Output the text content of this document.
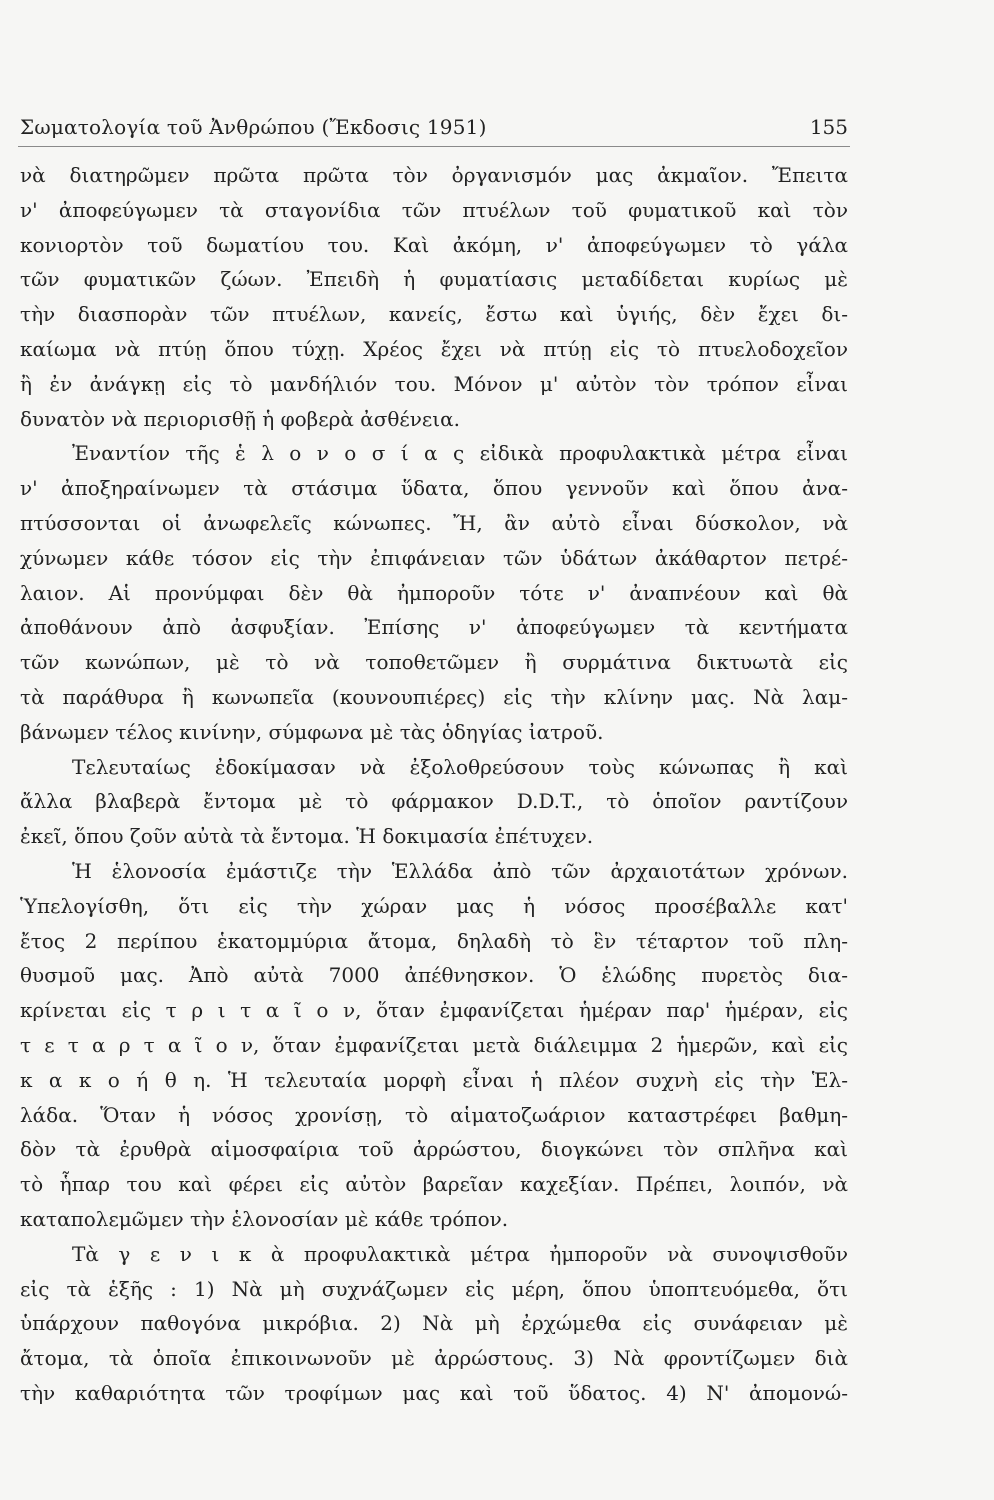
Σωματολογία τοῦ Ἀνθρώπου (Ἔκδοσις 1951)	155
νὰ διατηρῶμεν πρῶτα πρῶτα τὸν ὀργανισμόν μας ἀκμαῖον. Ἔπειτα
ν' ἀποφεύγωμεν τὰ σταγονίδια τῶν πτυέλων τοῦ φυματικοῦ καὶ τὸν
κονιορτὸν τοῦ δωματίου του. Καὶ ἀκόμη, ν' ἀποφεύγωμεν τὸ γάλα
τῶν φυματικῶν ζώων. Ἐπειδὴ ἡ φυματίασις μεταδίδεται κυρίως μὲ
τὴν διασπορὰν τῶν πτυέλων, κανείς, ἔστω καὶ ὑγιής, δὲν ἔχει δι-
καίωμα νὰ πτύῃ ὅπου τύχῃ. Χρέος ἔχει νὰ πτύῃ εἰς τὸ πτυελοδοχεῖον
ἢ ἐν ἀνάγκῃ εἰς τὸ μανδήλιόν του. Μόνον μ' αὐτὸν τὸν τρόπον εἶναι
δυνατὸν νὰ περιορισθῇ ἡ φοβερὰ ἀσθένεια.
Ἐναντίον τῆς ἑ λ ο ν ο σ ί α ς εἰδικὰ προφυλακτικὰ μέτρα εἶναι
ν' ἀποξηραίνωμεν τὰ στάσιμα ὕδατα, ὅπου γεννοῦν καὶ ὅπου ἀνα-
πτύσσονται οἱ ἀνωφελεῖς κώνωπες. Ἤ, ἂν αὐτὸ εἶναι δύσκολον, νὰ
χύνωμεν κάθε τόσον εἰς τὴν ἐπιφάνειαν τῶν ὑδάτων ἀκάθαρτον πετρέ-
λαιον. Αἱ προνύμφαι δὲν θὰ ἠμποροῦν τότε ν' ἀναπνέουν καὶ θὰ
ἀποθάνουν ἀπὸ ἀσφυξίαν. Ἐπίσης ν' ἀποφεύγωμεν τὰ κεντήματα
τῶν κωνώπων, μὲ τὸ νὰ τοποθετῶμεν ἢ συρμάτινα δικτυωτὰ εἰς
τὰ παράθυρα ἢ κωνωπεῖα (κουνουπιέρες) εἰς τὴν κλίνην μας. Νὰ λαμ-
βάνωμεν τέλος κινίνην, σύμφωνα μὲ τὰς ὁδηγίας ἰατροῦ.
Τελευταίως ἐδοκίμασαν νὰ ἐξολοθρεύσουν τοὺς κώνωπας ἢ καὶ
ἄλλα βλαβερὰ ἔντομα μὲ τὸ φάρμακον D.D.T., τὸ ὁποῖον ραντίζουν
ἐκεῖ, ὅπου ζοῦν αὐτὰ τὰ ἔντομα. Ἡ δοκιμασία ἐπέτυχεν.
Ἡ ἑλονοσία ἐμάστιζε τὴν Ἑλλάδα ἀπὸ τῶν ἀρχαιοτάτων χρόνων.
Ὑπελογίσθη, ὅτι εἰς τὴν χώραν μας ἡ νόσος προσέβαλλε κατ'
ἔτος 2 περίπου ἑκατομμύρια ἄτομα, δηλαδὴ τὸ ἓν τέταρτον τοῦ πλη-
θυσμοῦ μας. Ἀπὸ αὐτὰ 7000 ἀπέθνησκον. Ὁ ἑλώδης πυρετὸς δια-
κρίνεται εἰς τ ρ ι τ α ῖ ο ν, ὅταν ἐμφανίζεται ἡμέραν παρ' ἡμέραν, εἰς
τ ε τ α ρ τ α ῖ ο ν, ὅταν ἐμφανίζεται μετὰ διάλειμμα 2 ἡμερῶν, καὶ εἰς
κ α κ ο ή θ η. Ἡ τελευταία μορφὴ εἶναι ἡ πλέον συχνὴ εἰς τὴν Ἑλ-
λάδα. Ὅταν ἡ νόσος χρονίσῃ, τὸ αἱματοζωάριον καταστρέφει βαθμη-
δὸν τὰ ἐρυθρὰ αἱμοσφαίρια τοῦ ἀρρώστου, διογκώνει τὸν σπλῆνα καὶ
τὸ ἧπαρ του καὶ φέρει εἰς αὐτὸν βαρεῖαν καχεξίαν. Πρέπει, λοιπόν, νὰ
καταπολεμῶμεν τὴν ἑλονοσίαν μὲ κάθε τρόπον.
Τὰ γ ε ν ι κ ὰ προφυλακτικὰ μέτρα ἠμποροῦν νὰ συνοψισθοῦν
εἰς τὰ ἑξῆς : 1) Νὰ μὴ συχνάζωμεν εἰς μέρη, ὅπου ὑποπτευόμεθα, ὅτι
ὑπάρχουν παθογόνα μικρόβια. 2) Νὰ μὴ ἐρχώμεθα εἰς συνάφειαν μὲ
ἄτομα, τὰ ὁποῖα ἐπικοινωνοῦν μὲ ἀρρώστους. 3) Νὰ φροντίζωμεν διὰ
τὴν καθαριότητα τῶν τροφίμων μας καὶ τοῦ ὕδατος. 4) Ν' ἀπομονώ-
